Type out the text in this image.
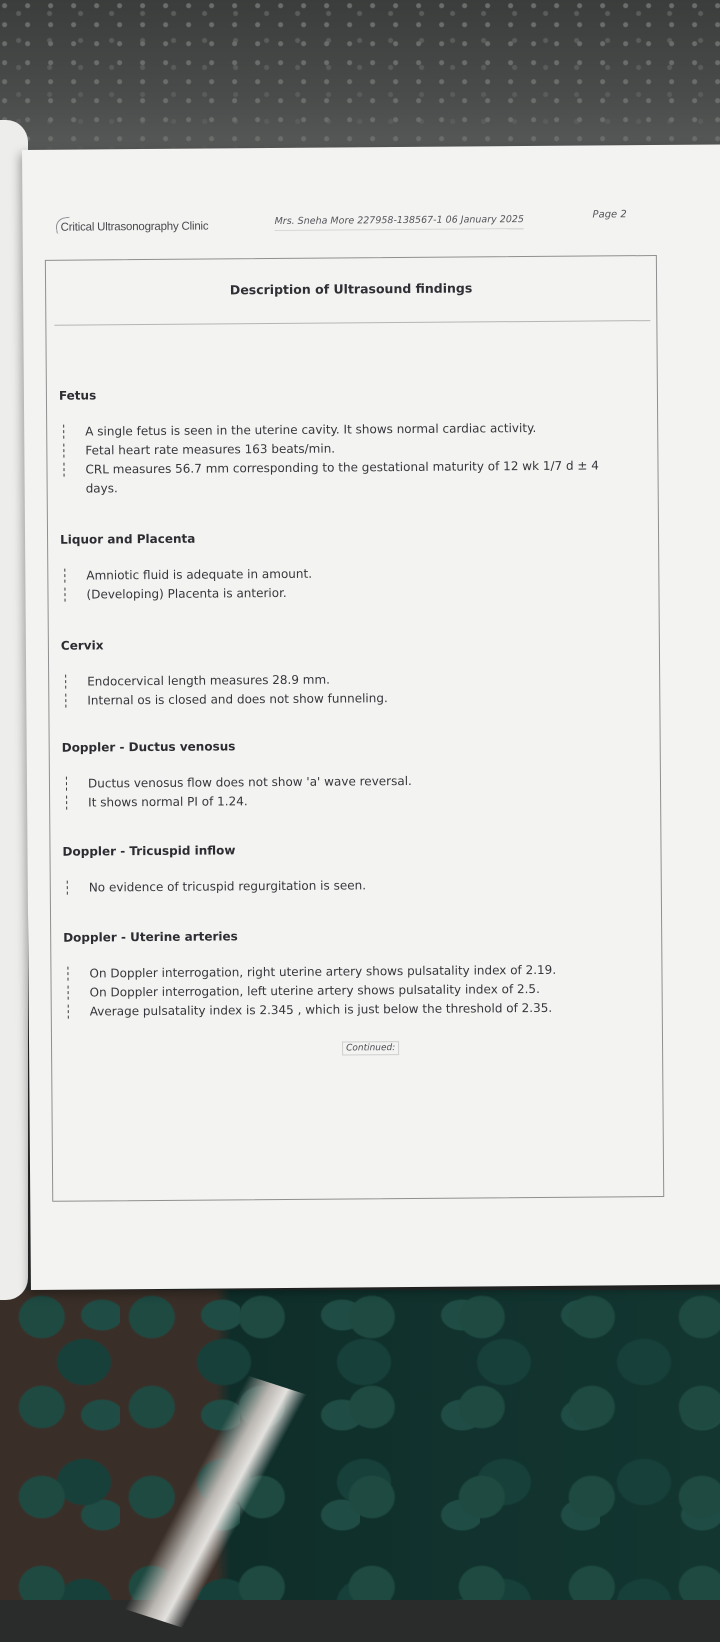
Critical Ultrasonography Clinic	Mrs. Sneha More 227958-138567-1 06 January 2025	Page 2
Description of Ultrasound findings
Fetus
A single fetus is seen in the uterine cavity. It shows normal cardiac activity.
Fetal heart rate measures 163 beats/min.
CRL measures 56.7 mm corresponding to the gestational maturity of 12 wk 1/7 d ± 4
days.
Liquor and Placenta
Amniotic fluid is adequate in amount.
(Developing) Placenta is anterior.
Cervix
Endocervical length measures 28.9 mm.
Internal os is closed and does not show funneling.
Doppler - Ductus venosus
Ductus venosus flow does not show 'a' wave reversal.
It shows normal PI of 1.24.
Doppler - Tricuspid inflow
No evidence of tricuspid regurgitation is seen.
Doppler - Uterine arteries
On Doppler interrogation, right uterine artery shows pulsatality index of 2.19.
On Doppler interrogation, left uterine artery shows pulsatality index of 2.5.
Average pulsatality index is 2.345 , which is just below the threshold of 2.35.
Continued:
